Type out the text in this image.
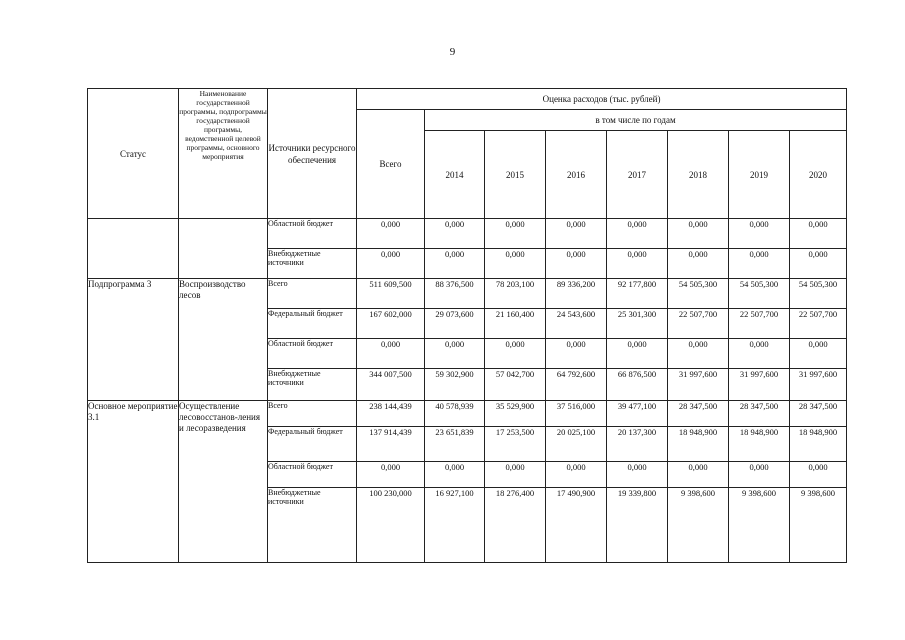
9
Статус	Наименование государственной программы, подпрограммы государственной программы, ведомственной целевой программы, основного мероприятия	Источники ресурсного обеспечения	Оценка расходов (тыс. рублей)							
			Всего	в том числе по годам						
				2014	2015	2016	2017	2018	2019	2020
		Областной бюджет	0,000	0,000	0,000	0,000	0,000	0,000	0,000	0,000
		Внебюджетные источники	0,000	0,000	0,000	0,000	0,000	0,000	0,000	0,000
Подпрограмма 3	Воспроизводство лесов	Всего	511 609,500	88 376,500	78 203,100	89 336,200	92 177,800	54 505,300	54 505,300	54 505,300
		Федеральный бюджет	167 602,000	29 073,600	21 160,400	24 543,600	25 301,300	22 507,700	22 507,700	22 507,700
		Областной бюджет	0,000	0,000	0,000	0,000	0,000	0,000	0,000	0,000
		Внебюджетные источники	344 007,500	59 302,900	57 042,700	64 792,600	66 876,500	31 997,600	31 997,600	31 997,600
Основное мероприятие 3.1	Осуществление лесовосстанов-ления и лесоразведения	Всего	238 144,439	40 578,939	35 529,900	37 516,000	39 477,100	28 347,500	28 347,500	28 347,500
		Федеральный бюджет	137 914,439	23 651,839	17 253,500	20 025,100	20 137,300	18 948,900	18 948,900	18 948,900
		Областной бюджет	0,000	0,000	0,000	0,000	0,000	0,000	0,000	0,000
		Внебюджетные источники	100 230,000	16 927,100	18 276,400	17 490,900	19 339,800	9 398,600	9 398,600	9 398,600
